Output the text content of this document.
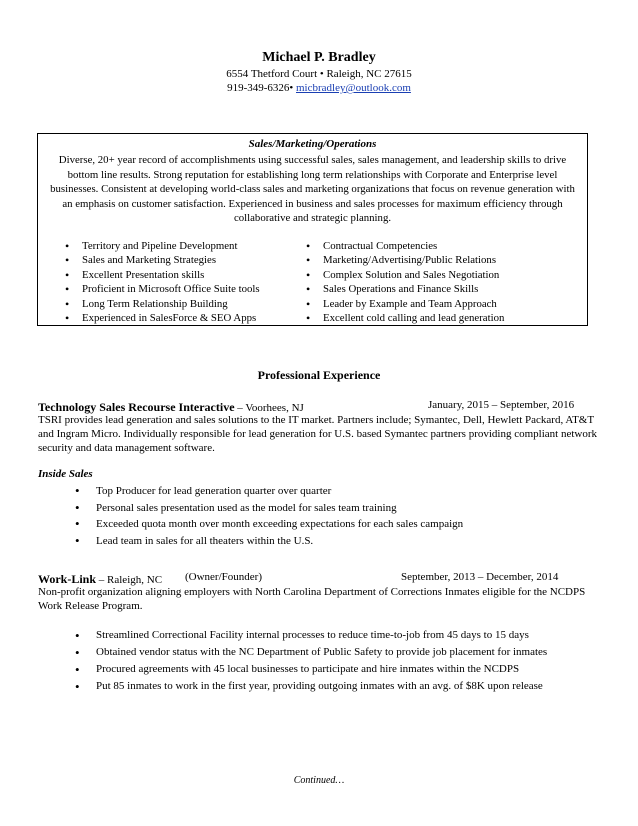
Michael P. Bradley
6554 Thetford Court • Raleigh, NC 27615
919-349-6326• micbradley@outlook.com
Sales/Marketing/Operations
Diverse, 20+ year record of accomplishments using successful sales, sales management, and leadership skills to drive bottom line results. Strong reputation for establishing long term relationships with Corporate and Enterprise level businesses. Consistent at developing world-class sales and marketing organizations that focus on revenue generation with an emphasis on customer satisfaction. Experienced in business and sales processes for maximum efficiency through collaborative and strategic planning.
• Territory and Pipeline Development
• Sales and Marketing Strategies
• Excellent Presentation skills
• Proficient in Microsoft Office Suite tools
• Long Term Relationship Building
• Experienced in SalesForce & SEO Apps
• Contractual Competencies
• Marketing/Advertising/Public Relations
• Complex Solution and Sales Negotiation
• Sales Operations and Finance Skills
• Leader by Example and Team Approach
• Excellent cold calling and lead generation
Professional Experience
Technology Sales Recourse Interactive – Voorhees, NJ	January, 2015 – September, 2016
TSRI provides lead generation and sales solutions to the IT market. Partners include; Symantec, Dell, Hewlett Packard, AT&T and Ingram Micro. Individually responsible for lead generation for U.S. based Symantec partners providing compliant network security and data management software.
Inside Sales
• Top Producer for lead generation quarter over quarter
• Personal sales presentation used as the model for sales team training
• Exceeded quota month over month exceeding expectations for each sales campaign
• Lead team in sales for all theaters within the U.S.
Work-Link – Raleigh, NC (Owner/Founder)	September, 2013 – December, 2014
Non-profit organization aligning employers with North Carolina Department of Corrections Inmates eligible for the NCDPS Work Release Program.
• Streamlined Correctional Facility internal processes to reduce time-to-job from 45 days to 15 days
• Obtained vendor status with the NC Department of Public Safety to provide job placement for inmates
• Procured agreements with 45 local businesses to participate and hire inmates within the NCDPS
• Put 85 inmates to work in the first year, providing outgoing inmates with an avg. of $8K upon release
Continued…
